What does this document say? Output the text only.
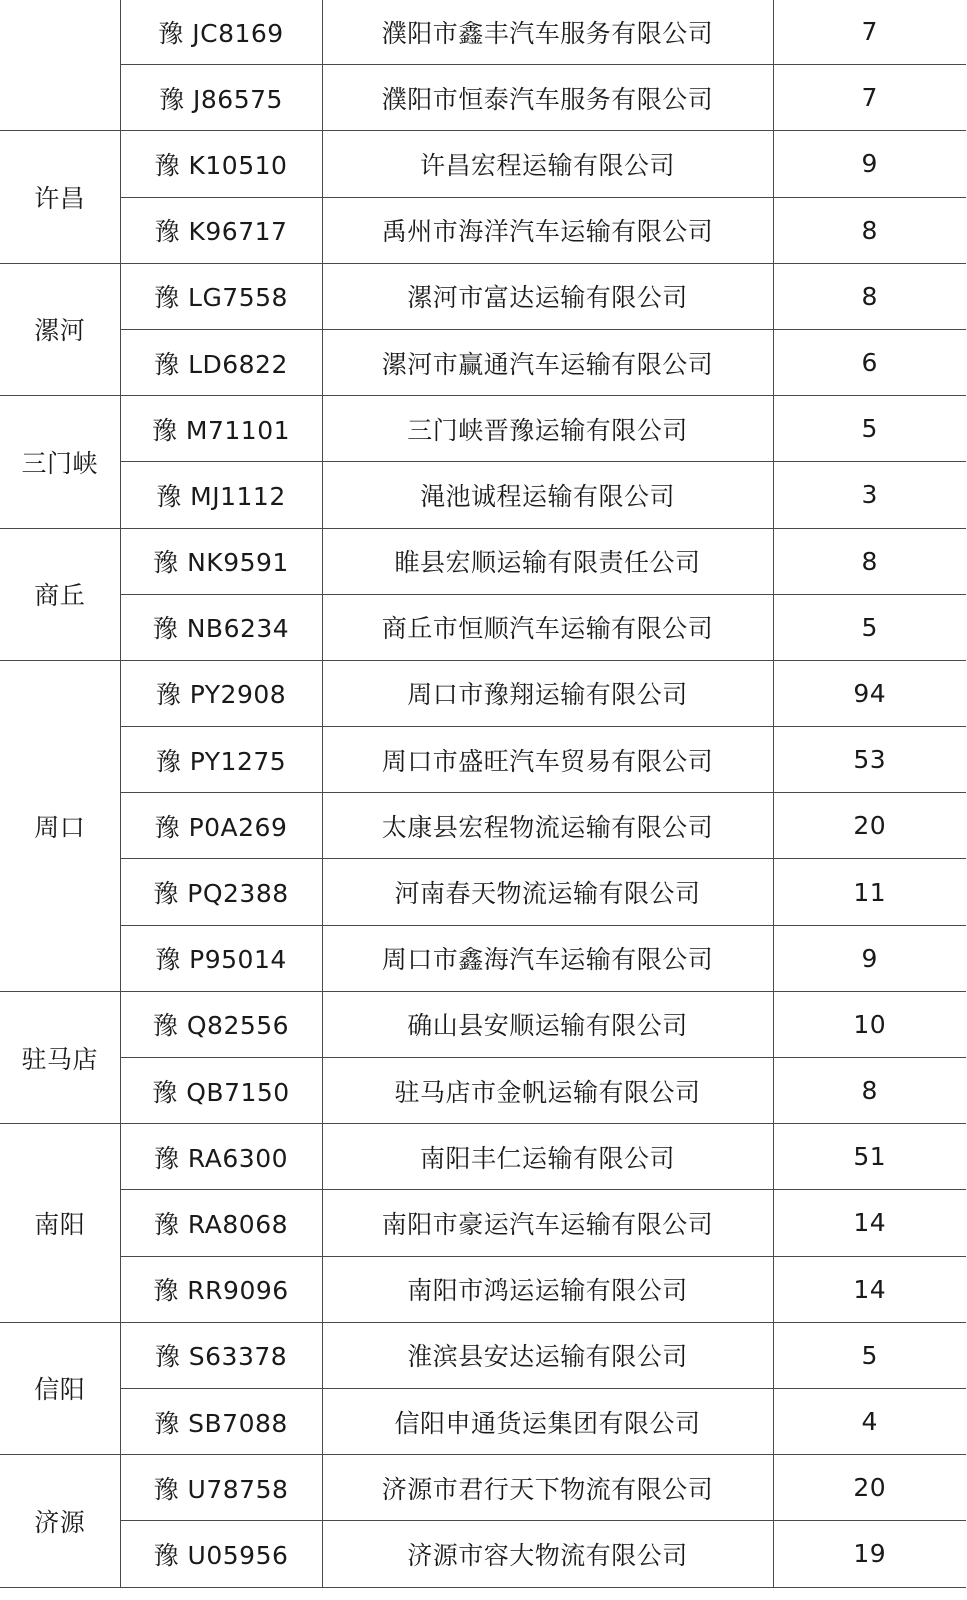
	豫 JC8169	濮阳市鑫丰汽车服务有限公司	7
	豫 J86575	濮阳市恒泰汽车服务有限公司	7
许昌	豫 K10510	许昌宏程运输有限公司	9
	豫 K96717	禹州市海洋汽车运输有限公司	8
漯河	豫 LG7558	漯河市富达运输有限公司	8
	豫 LD6822	漯河市赢通汽车运输有限公司	6
三门峡	豫 M71101	三门峡晋豫运输有限公司	5
	豫 MJ1112	渑池诚程运输有限公司	3
商丘	豫 NK9591	睢县宏顺运输有限责任公司	8
	豫 NB6234	商丘市恒顺汽车运输有限公司	5
周口	豫 PY2908	周口市豫翔运输有限公司	94
	豫 PY1275	周口市盛旺汽车贸易有限公司	53
	豫 P0A269	太康县宏程物流运输有限公司	20
	豫 PQ2388	河南春天物流运输有限公司	11
	豫 P95014	周口市鑫海汽车运输有限公司	9
驻马店	豫 Q82556	确山县安顺运输有限公司	10
	豫 QB7150	驻马店市金帆运输有限公司	8
南阳	豫 RA6300	南阳丰仁运输有限公司	51
	豫 RA8068	南阳市豪运汽车运输有限公司	14
	豫 RR9096	南阳市鸿运运输有限公司	14
信阳	豫 S63378	淮滨县安达运输有限公司	5
	豫 SB7088	信阳申通货运集团有限公司	4
济源	豫 U78758	济源市君行天下物流有限公司	20
	豫 U05956	济源市容大物流有限公司	19
